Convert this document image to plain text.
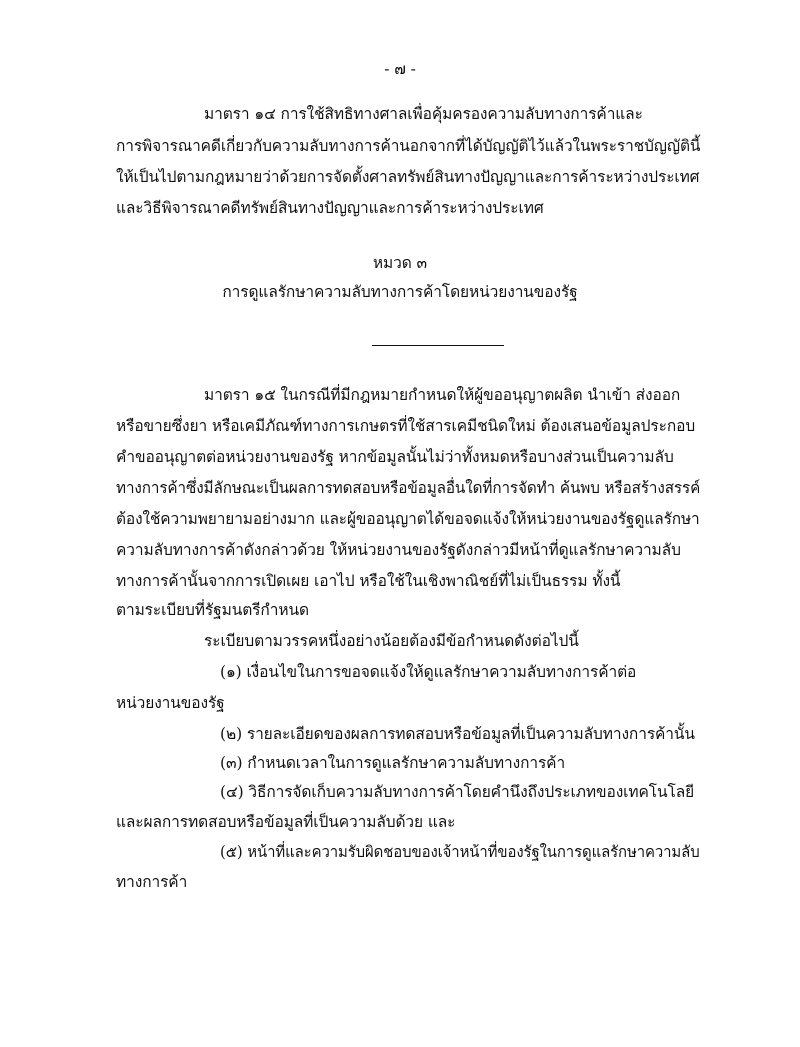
- ๗ -
มาตรา ๑๔ การใช้สิทธิทางศาลเพื่อคุ้มครองความลับทางการค้าและ
การพิจารณาคดีเกี่ยวกับความลับทางการค้านอกจากที่ได้บัญญัติไว้แล้วในพระราชบัญญัตินี้
ให้เป็นไปตามกฎหมายว่าด้วยการจัดตั้งศาลทรัพย์สินทางปัญญาและการค้าระหว่างประเทศ
และวิธีพิจารณาคดีทรัพย์สินทางปัญญาและการค้าระหว่างประเทศ
หมวด ๓
การดูแลรักษาความลับทางการค้าโดยหน่วยงานของรัฐ
มาตรา ๑๕ ในกรณีที่มีกฎหมายกำหนดให้ผู้ขออนุญาตผลิต นำเข้า ส่งออก
หรือขายซึ่งยา หรือเคมีภัณฑ์ทางการเกษตรที่ใช้สารเคมีชนิดใหม่ ต้องเสนอข้อมูลประกอบ
คำขออนุญาตต่อหน่วยงานของรัฐ หากข้อมูลนั้นไม่ว่าทั้งหมดหรือบางส่วนเป็นความลับ
ทางการค้าซึ่งมีลักษณะเป็นผลการทดสอบหรือข้อมูลอื่นใดที่การจัดทำ ค้นพบ หรือสร้างสรรค์
ต้องใช้ความพยายามอย่างมาก และผู้ขออนุญาตได้ขอจดแจ้งให้หน่วยงานของรัฐดูแลรักษา
ความลับทางการค้าดังกล่าวด้วย ให้หน่วยงานของรัฐดังกล่าวมีหน้าที่ดูแลรักษาความลับ
ทางการค้านั้นจากการเปิดเผย เอาไป หรือใช้ในเชิงพาณิชย์ที่ไม่เป็นธรรม ทั้งนี้
ตามระเบียบที่รัฐมนตรีกำหนด
ระเบียบตามวรรคหนึ่งอย่างน้อยต้องมีข้อกำหนดดังต่อไปนี้
(๑) เงื่อนไขในการขอจดแจ้งให้ดูแลรักษาความลับทางการค้าต่อ
หน่วยงานของรัฐ
(๒) รายละเอียดของผลการทดสอบหรือข้อมูลที่เป็นความลับทางการค้านั้น
(๓) กำหนดเวลาในการดูแลรักษาความลับทางการค้า
(๔) วิธีการจัดเก็บความลับทางการค้าโดยคำนึงถึงประเภทของเทคโนโลยี
และผลการทดสอบหรือข้อมูลที่เป็นความลับด้วย และ
(๕) หน้าที่และความรับผิดชอบของเจ้าหน้าที่ของรัฐในการดูแลรักษาความลับ
ทางการค้า
